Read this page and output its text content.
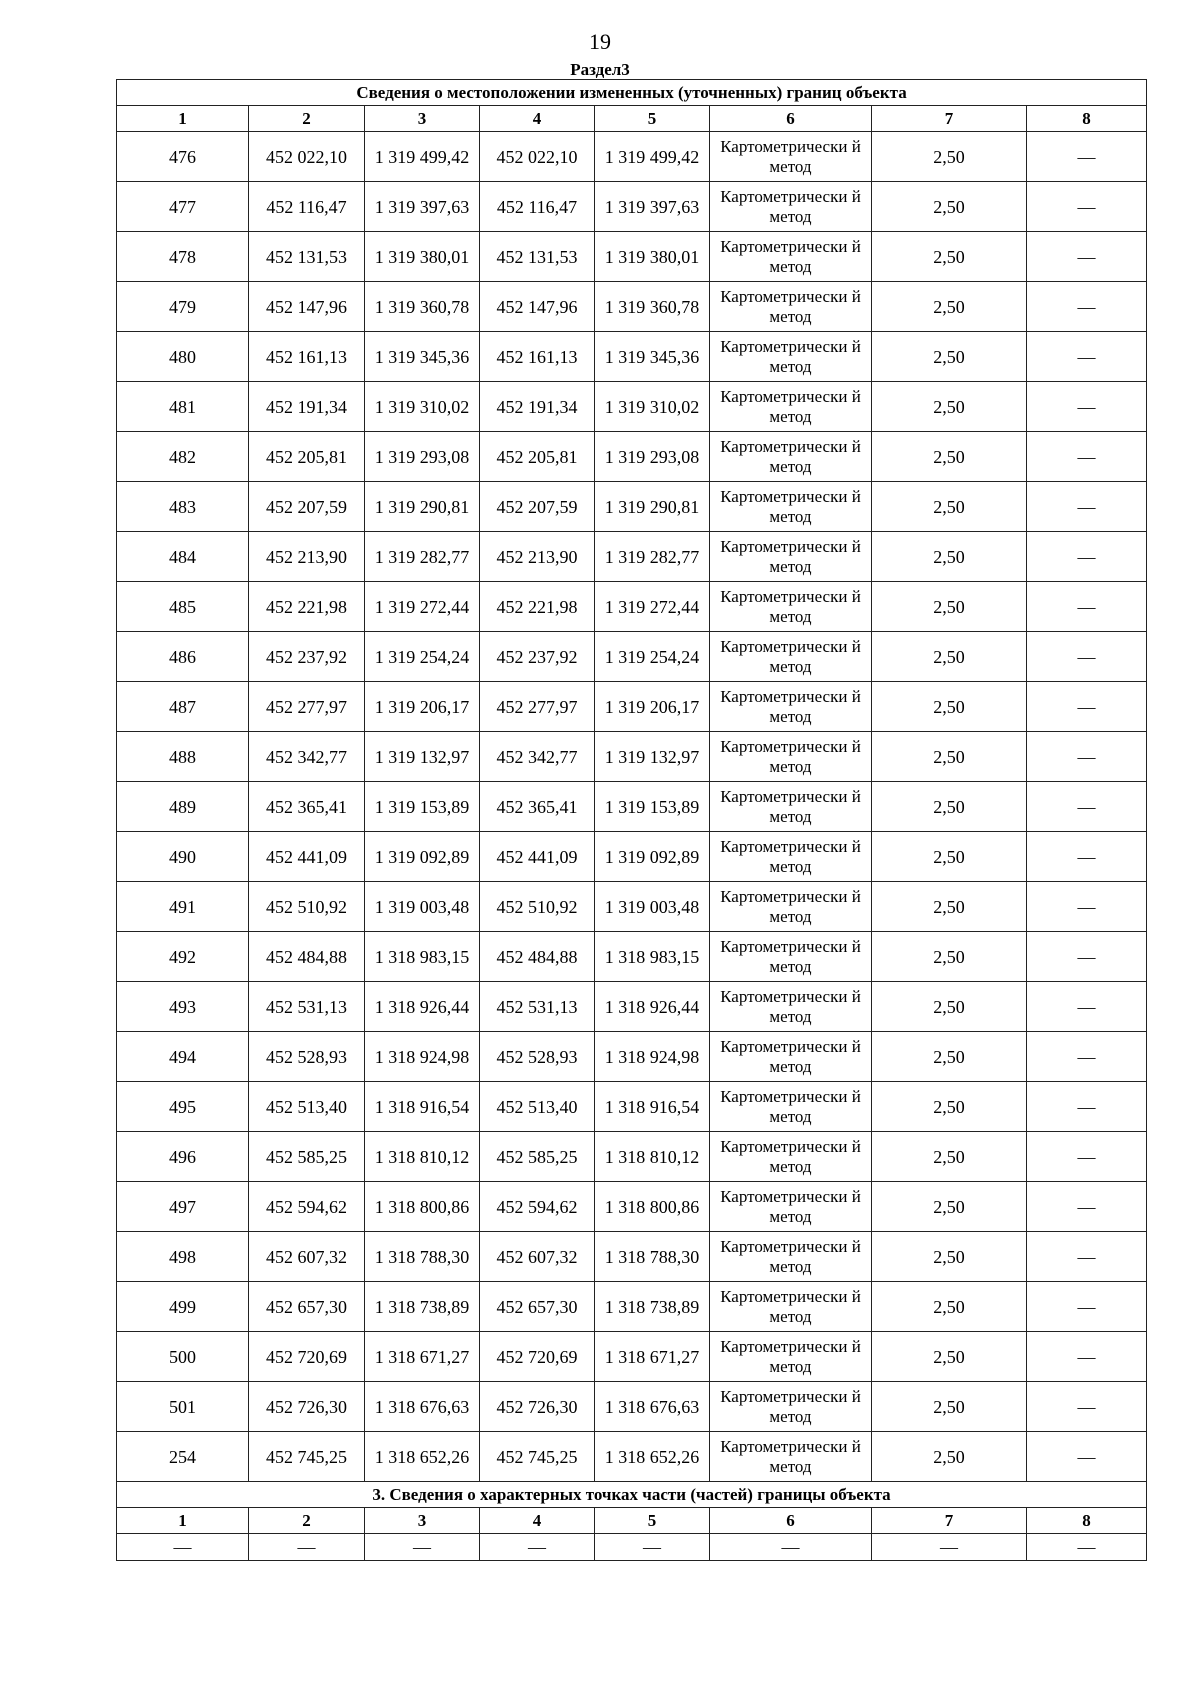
19
Раздел3
Сведения о местоположении измененных (уточненных) границ объекта							
1	2	3	4	5	6	7	8
476	452 022,10	1 319 499,42	452 022,10	1 319 499,42	Картометрически й метод	2,50	—
477	452 116,47	1 319 397,63	452 116,47	1 319 397,63	Картометрически й метод	2,50	—
478	452 131,53	1 319 380,01	452 131,53	1 319 380,01	Картометрически й метод	2,50	—
479	452 147,96	1 319 360,78	452 147,96	1 319 360,78	Картометрически й метод	2,50	—
480	452 161,13	1 319 345,36	452 161,13	1 319 345,36	Картометрически й метод	2,50	—
481	452 191,34	1 319 310,02	452 191,34	1 319 310,02	Картометрически й метод	2,50	—
482	452 205,81	1 319 293,08	452 205,81	1 319 293,08	Картометрически й метод	2,50	—
483	452 207,59	1 319 290,81	452 207,59	1 319 290,81	Картометрически й метод	2,50	—
484	452 213,90	1 319 282,77	452 213,90	1 319 282,77	Картометрически й метод	2,50	—
485	452 221,98	1 319 272,44	452 221,98	1 319 272,44	Картометрически й метод	2,50	—
486	452 237,92	1 319 254,24	452 237,92	1 319 254,24	Картометрически й метод	2,50	—
487	452 277,97	1 319 206,17	452 277,97	1 319 206,17	Картометрически й метод	2,50	—
488	452 342,77	1 319 132,97	452 342,77	1 319 132,97	Картометрически й метод	2,50	—
489	452 365,41	1 319 153,89	452 365,41	1 319 153,89	Картометрически й метод	2,50	—
490	452 441,09	1 319 092,89	452 441,09	1 319 092,89	Картометрически й метод	2,50	—
491	452 510,92	1 319 003,48	452 510,92	1 319 003,48	Картометрически й метод	2,50	—
492	452 484,88	1 318 983,15	452 484,88	1 318 983,15	Картометрически й метод	2,50	—
493	452 531,13	1 318 926,44	452 531,13	1 318 926,44	Картометрически й метод	2,50	—
494	452 528,93	1 318 924,98	452 528,93	1 318 924,98	Картометрически й метод	2,50	—
495	452 513,40	1 318 916,54	452 513,40	1 318 916,54	Картометрически й метод	2,50	—
496	452 585,25	1 318 810,12	452 585,25	1 318 810,12	Картометрически й метод	2,50	—
497	452 594,62	1 318 800,86	452 594,62	1 318 800,86	Картометрически й метод	2,50	—
498	452 607,32	1 318 788,30	452 607,32	1 318 788,30	Картометрически й метод	2,50	—
499	452 657,30	1 318 738,89	452 657,30	1 318 738,89	Картометрически й метод	2,50	—
500	452 720,69	1 318 671,27	452 720,69	1 318 671,27	Картометрически й метод	2,50	—
501	452 726,30	1 318 676,63	452 726,30	1 318 676,63	Картометрически й метод	2,50	—
254	452 745,25	1 318 652,26	452 745,25	1 318 652,26	Картометрически й метод	2,50	—
3. Сведения о характерных точках части (частей) границы объекта							
1	2	3	4	5	6	7	8
—	—	—	—	—	—	—	—
